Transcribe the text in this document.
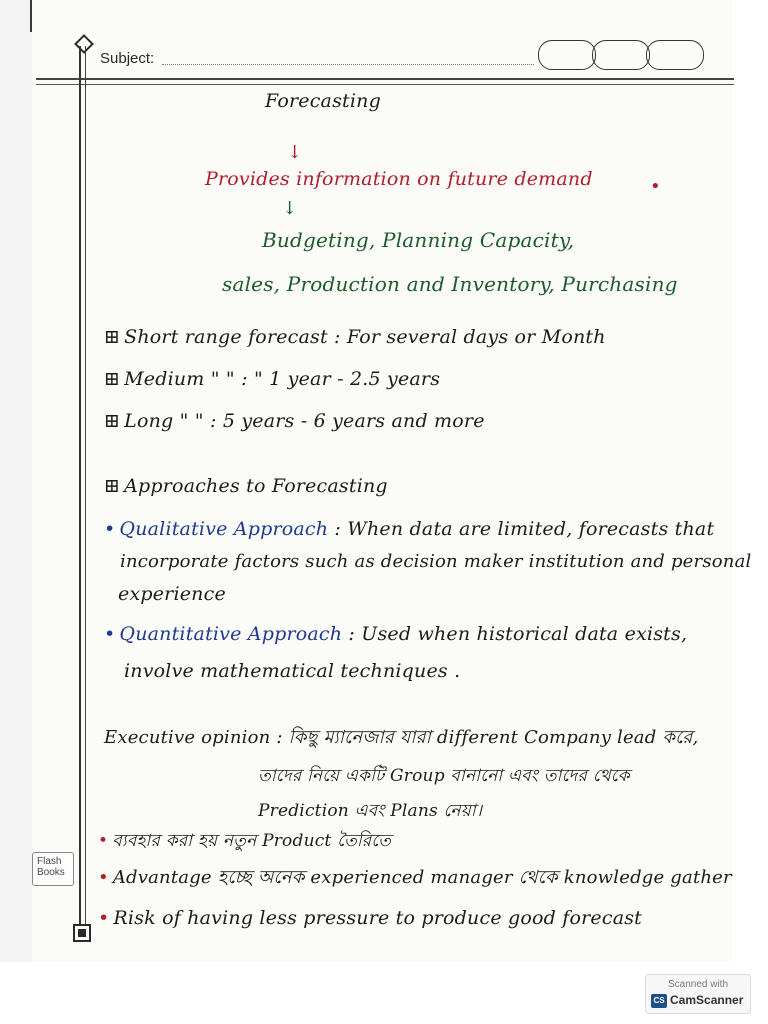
Subject:
Flash
Books
Forecasting
↓
Provides information on future demand	•
↓
Budgeting, Planning Capacity,
sales, Production and Inventory, Purchasing
⊞ Short range forecast : For several days or Month
⊞ Medium " " : " 1 year - 2.5 years
⊞ Long " " : 5 years - 6 years and more
⊞ Approaches to Forecasting
• Qualitative Approach : When data are limited, forecasts that
incorporate factors such as decision maker institution and personal
experience
• Quantitative Approach : Used when historical data exists,
involve mathematical techniques .
Executive opinion : কিছু ম্যানেজার যারা different Company lead করে,
তাদের নিয়ে একটি Group বানানো এবং তাদের থেকে
Prediction এবং Plans নেয়া।
• ব্যবহার করা হয় নতুন Product তৈরিতে
• Advantage হচ্ছে অনেক experienced manager থেকে knowledge gather
• Risk of having less pressure to produce good forecast
Scanned with
CS CamScanner
